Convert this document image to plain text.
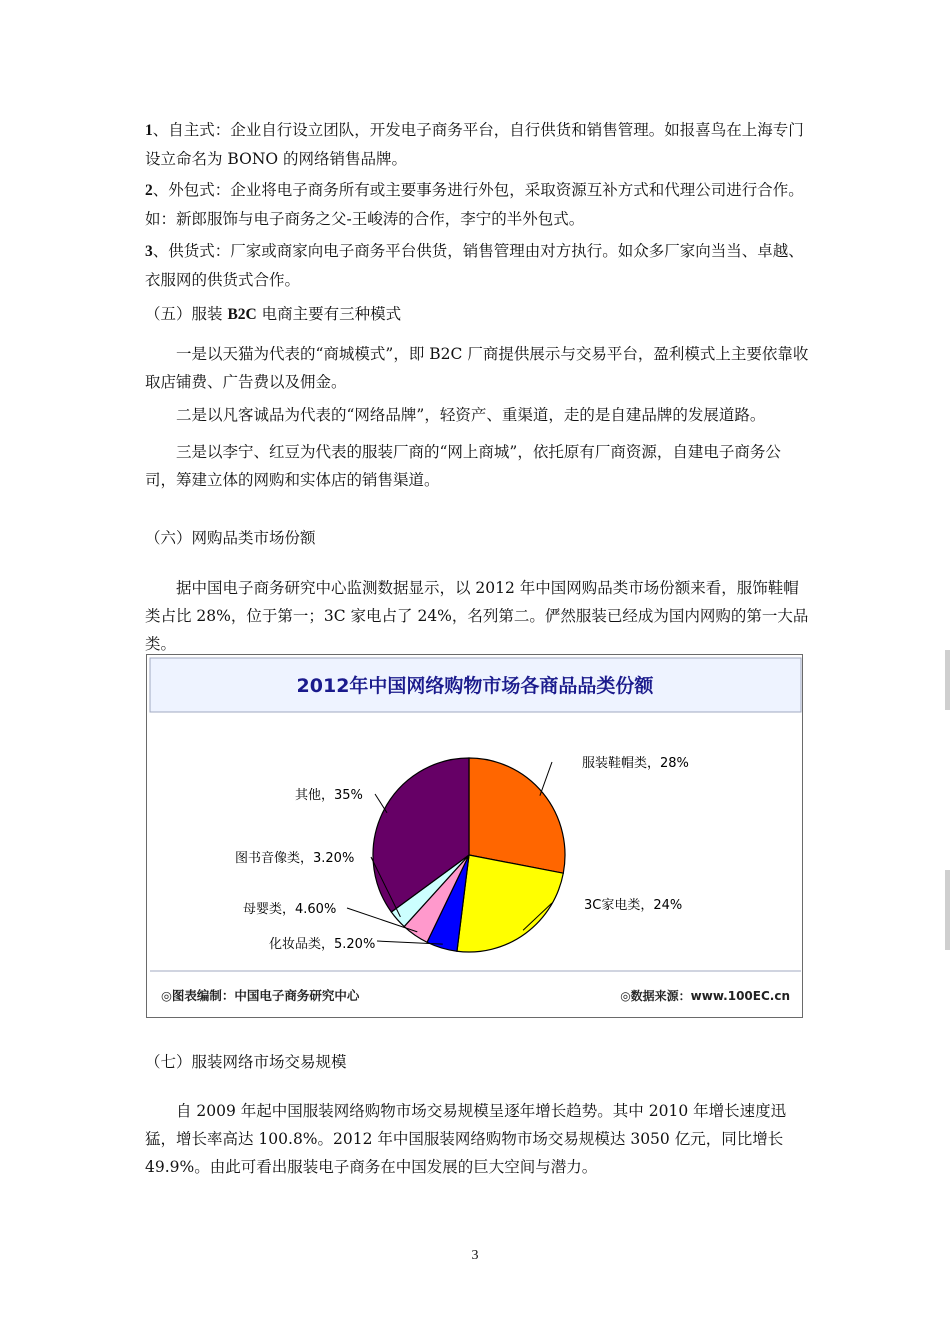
1、自主式：企业自行设立团队，开发电子商务平台，自行供货和销售管理。如报喜鸟在上海专门设立命名为 BONO 的网络销售品牌。

2、外包式：企业将电子商务所有或主要事务进行外包，采取资源互补方式和代理公司进行合作。如：新郎服饰与电子商务之父-王峻涛的合作，李宁的半外包式。

3、供货式：厂家或商家向电子商务平台供货，销售管理由对方执行。如众多厂家向当当、卓越、衣服网的供货式合作。

（五）服装 B2C 电商主要有三种模式

一是以天猫为代表的“商城模式”，即 B2C 厂商提供展示与交易平台，盈利模式上主要依靠收取店铺费、广告费以及佣金。

二是以凡客诚品为代表的“网络品牌”，轻资产、重渠道，走的是自建品牌的发展道路。

三是以李宁、红豆为代表的服装厂商的“网上商城”，依托原有厂商资源，自建电子商务公司，筹建立体的网购和实体店的销售渠道。

（六）网购品类市场份额

据中国电子商务研究中心监测数据显示，以 2012 年中国网购品类市场份额来看，服饰鞋帽类占比 28%，位于第一；3C 家电占了 24%，名列第二。俨然服装已经成为国内网购的第一大品类。

2012年中国网络购物市场各商品品类份额
服装鞋帽类，28%
3C家电类，24%
化妆品类，5.20%
母婴类，4.60%
图书音像类，3.20%
其他，35%
◎图表编制：中国电子商务研究中心	◎数据来源：www.100EC.cn

（七）服装网络市场交易规模

自 2009 年起中国服装网络购物市场交易规模呈逐年增长趋势。其中 2010 年增长速度迅猛，增长率高达 100.8%。2012 年中国服装网络购物市场交易规模达 3050 亿元，同比增长 49.9%。由此可看出服装电子商务在中国发展的巨大空间与潜力。

3
